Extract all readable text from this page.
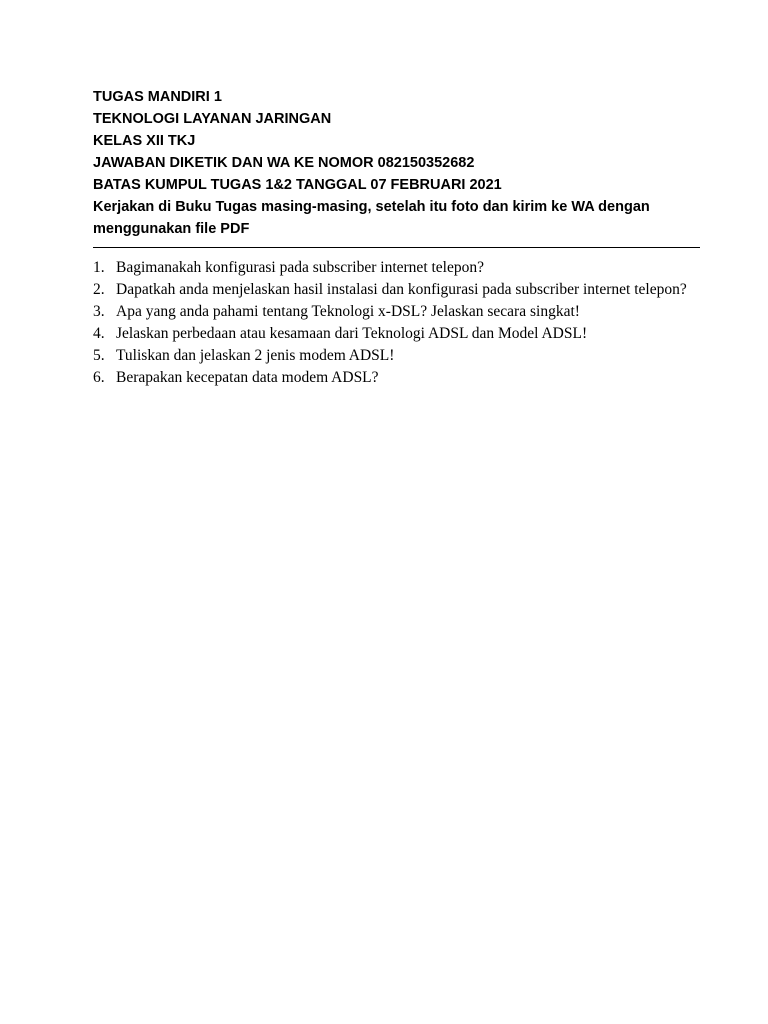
TUGAS MANDIRI 1
TEKNOLOGI LAYANAN JARINGAN
KELAS XII TKJ
JAWABAN DIKETIK DAN WA KE NOMOR 082150352682
BATAS KUMPUL TUGAS 1&2 TANGGAL 07 FEBRUARI 2021
Kerjakan di Buku Tugas masing-masing, setelah itu foto dan kirim ke WA dengan menggunakan file PDF
1. Bagimanakah konfigurasi pada subscriber internet telepon?
2. Dapatkah anda menjelaskan hasil instalasi dan konfigurasi pada subscriber internet telepon?
3. Apa yang anda pahami tentang Teknologi x-DSL? Jelaskan secara singkat!
4. Jelaskan perbedaan atau kesamaan dari Teknologi ADSL dan Model ADSL!
5. Tuliskan dan jelaskan 2 jenis modem ADSL!
6. Berapakan kecepatan data modem ADSL?
